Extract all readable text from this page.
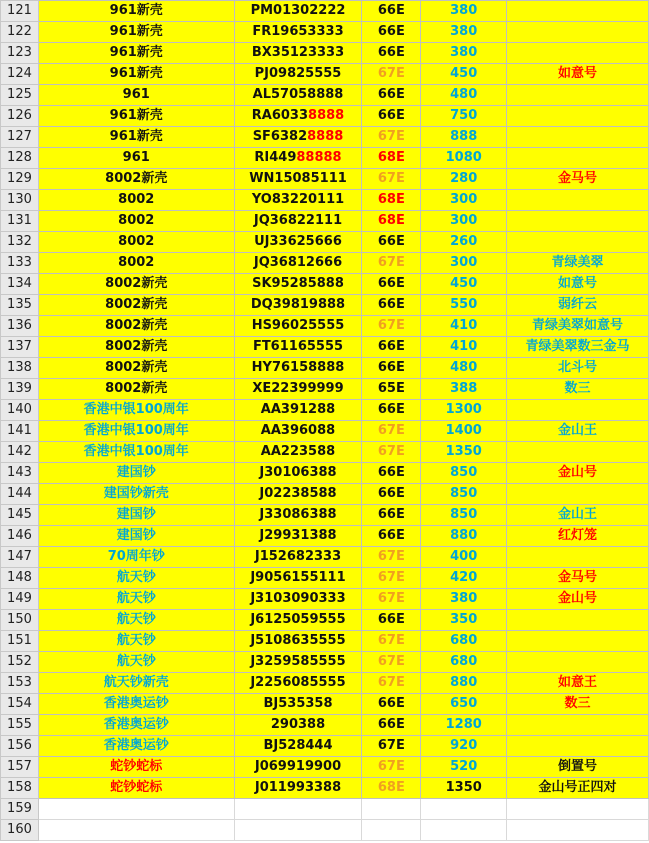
121	961新壳	PM01302222	66E	380	
122	961新壳	FR19653333	66E	380	
123	961新壳	BX35123333	66E	380	
124	961新壳	PJ09825555	67E	450	如意号
125	961	AL57058888	66E	480	
126	961新壳	RA60338888	66E	750	
127	961新壳	SF63828888	67E	888	
128	961	RI44988888	68E	1080	
129	8002新壳	WN15085111	67E	280	金马号
130	8002	YO83220111	68E	300	
131	8002	JQ36822111	68E	300	
132	8002	UJ33625666	66E	260	
133	8002	JQ36812666	67E	300	青绿美翠
134	8002新壳	SK95285888	66E	450	如意号
135	8002新壳	DQ39819888	66E	550	弱纤云
136	8002新壳	HS96025555	67E	410	青绿美翠如意号
137	8002新壳	FT61165555	66E	410	青绿美翠数三金马
138	8002新壳	HY76158888	66E	480	北斗号
139	8002新壳	XE22399999	65E	388	数三
140	香港中银100周年	AA391288	66E	1300	
141	香港中银100周年	AA396088	67E	1400	金山王
142	香港中银100周年	AA223588	67E	1350	
143	建国钞	J30106388	66E	850	金山号
144	建国钞新壳	J02238588	66E	850	
145	建国钞	J33086388	66E	850	金山王
146	建国钞	J29931388	66E	880	红灯笼
147	70周年钞	J152682333	67E	400	
148	航天钞	J9056155111	67E	420	金马号
149	航天钞	J3103090333	67E	380	金山号
150	航天钞	J6125059555	66E	350	
151	航天钞	J5108635555	67E	680	
152	航天钞	J3259585555	67E	680	
153	航天钞新壳	J2256085555	67E	880	如意王
154	香港奥运钞	BJ535358	66E	650	数三
155	香港奥运钞	290388	66E	1280	
156	香港奥运钞	BJ528444	67E	920	
157	蛇钞蛇标	J069919900	67E	520	倒置号
158	蛇钞蛇标	J011993388	68E	1350	金山号正四对
159					
160					
